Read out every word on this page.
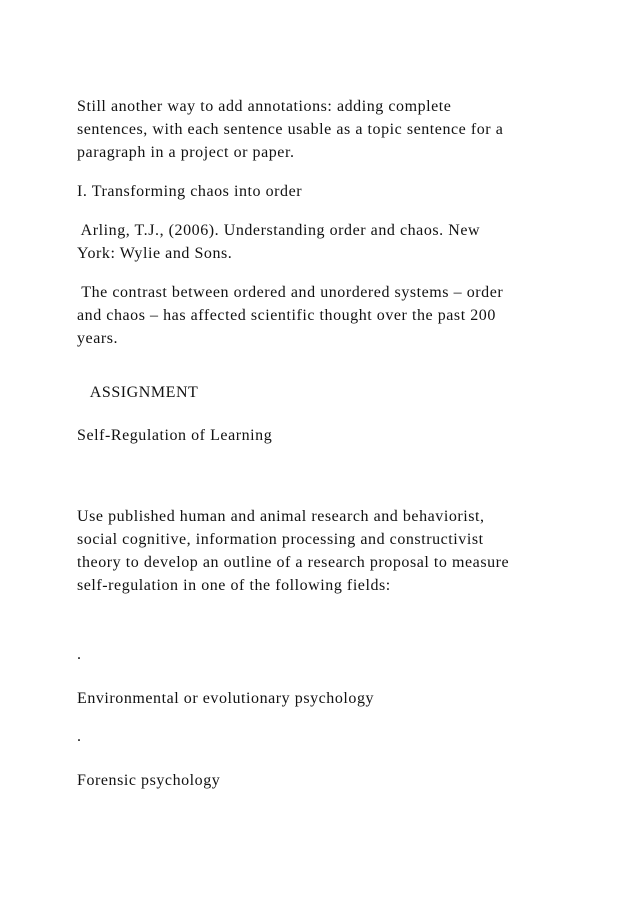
Still another way to add annotations: adding complete

sentences, with each sentence usable as a topic sentence for a

paragraph in a project or paper.

I. Transforming chaos into order

Arling, T.J., (2006). Understanding order and chaos. New

York: Wylie and Sons.

The contrast between ordered and unordered systems – order

and chaos – has affected scientific thought over the past 200

years.

ASSIGNMENT

Self-Regulation of Learning

Use published human and animal research and behaviorist,

social cognitive, information processing and constructivist

theory to develop an outline of a research proposal to measure

self-regulation in one of the following fields:

.

Environmental or evolutionary psychology

.

Forensic psychology
